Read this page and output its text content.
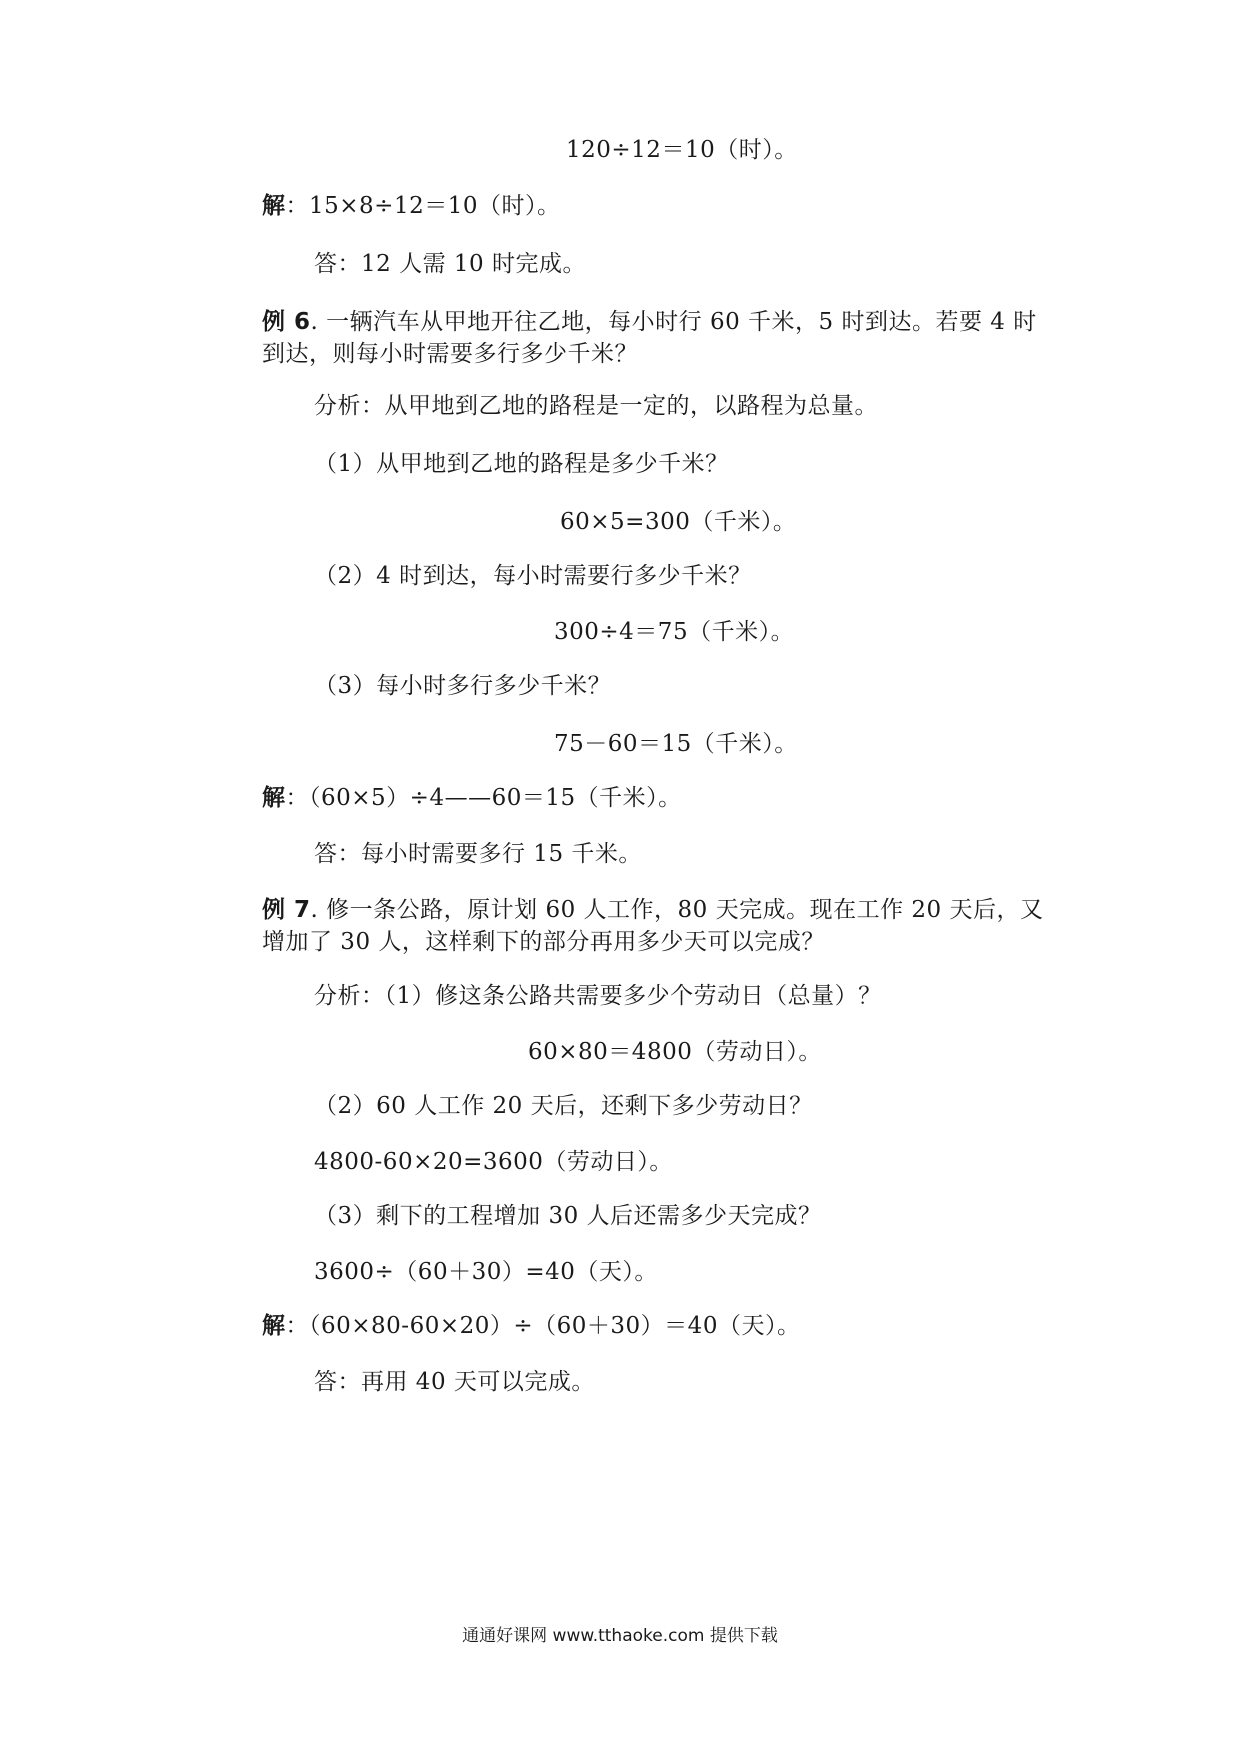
120÷12＝10（时）。
解：15×8÷12＝10（时）。
答：12 人需 10 时完成。
例 6. 一辆汽车从甲地开往乙地，每小时行 60 千米，5 时到达。若要 4 时
到达，则每小时需要多行多少千米？
分析：从甲地到乙地的路程是一定的，以路程为总量。
（1）从甲地到乙地的路程是多少千米？
60×5=300（千米）。
（2）4 时到达，每小时需要行多少千米？
300÷4＝75（千米）。
（3）每小时多行多少千米？
75－60＝15（千米）。
解：（60×5）÷4——60＝15（千米）。
答：每小时需要多行 15 千米。
例 7. 修一条公路，原计划 60 人工作，80 天完成。现在工作 20 天后，又
增加了 30 人，这样剩下的部分再用多少天可以完成？
分析：（1）修这条公路共需要多少个劳动日（总量）？
60×80＝4800（劳动日）。
（2）60 人工作 20 天后，还剩下多少劳动日？
4800-60×20=3600（劳动日）。
（3）剩下的工程增加 30 人后还需多少天完成？
3600÷（60＋30）=40（天）。
解：（60×80-60×20）÷（60＋30）＝40（天）。
答：再用 40 天可以完成。
通通好课网 www.tthaoke.com 提供下载
